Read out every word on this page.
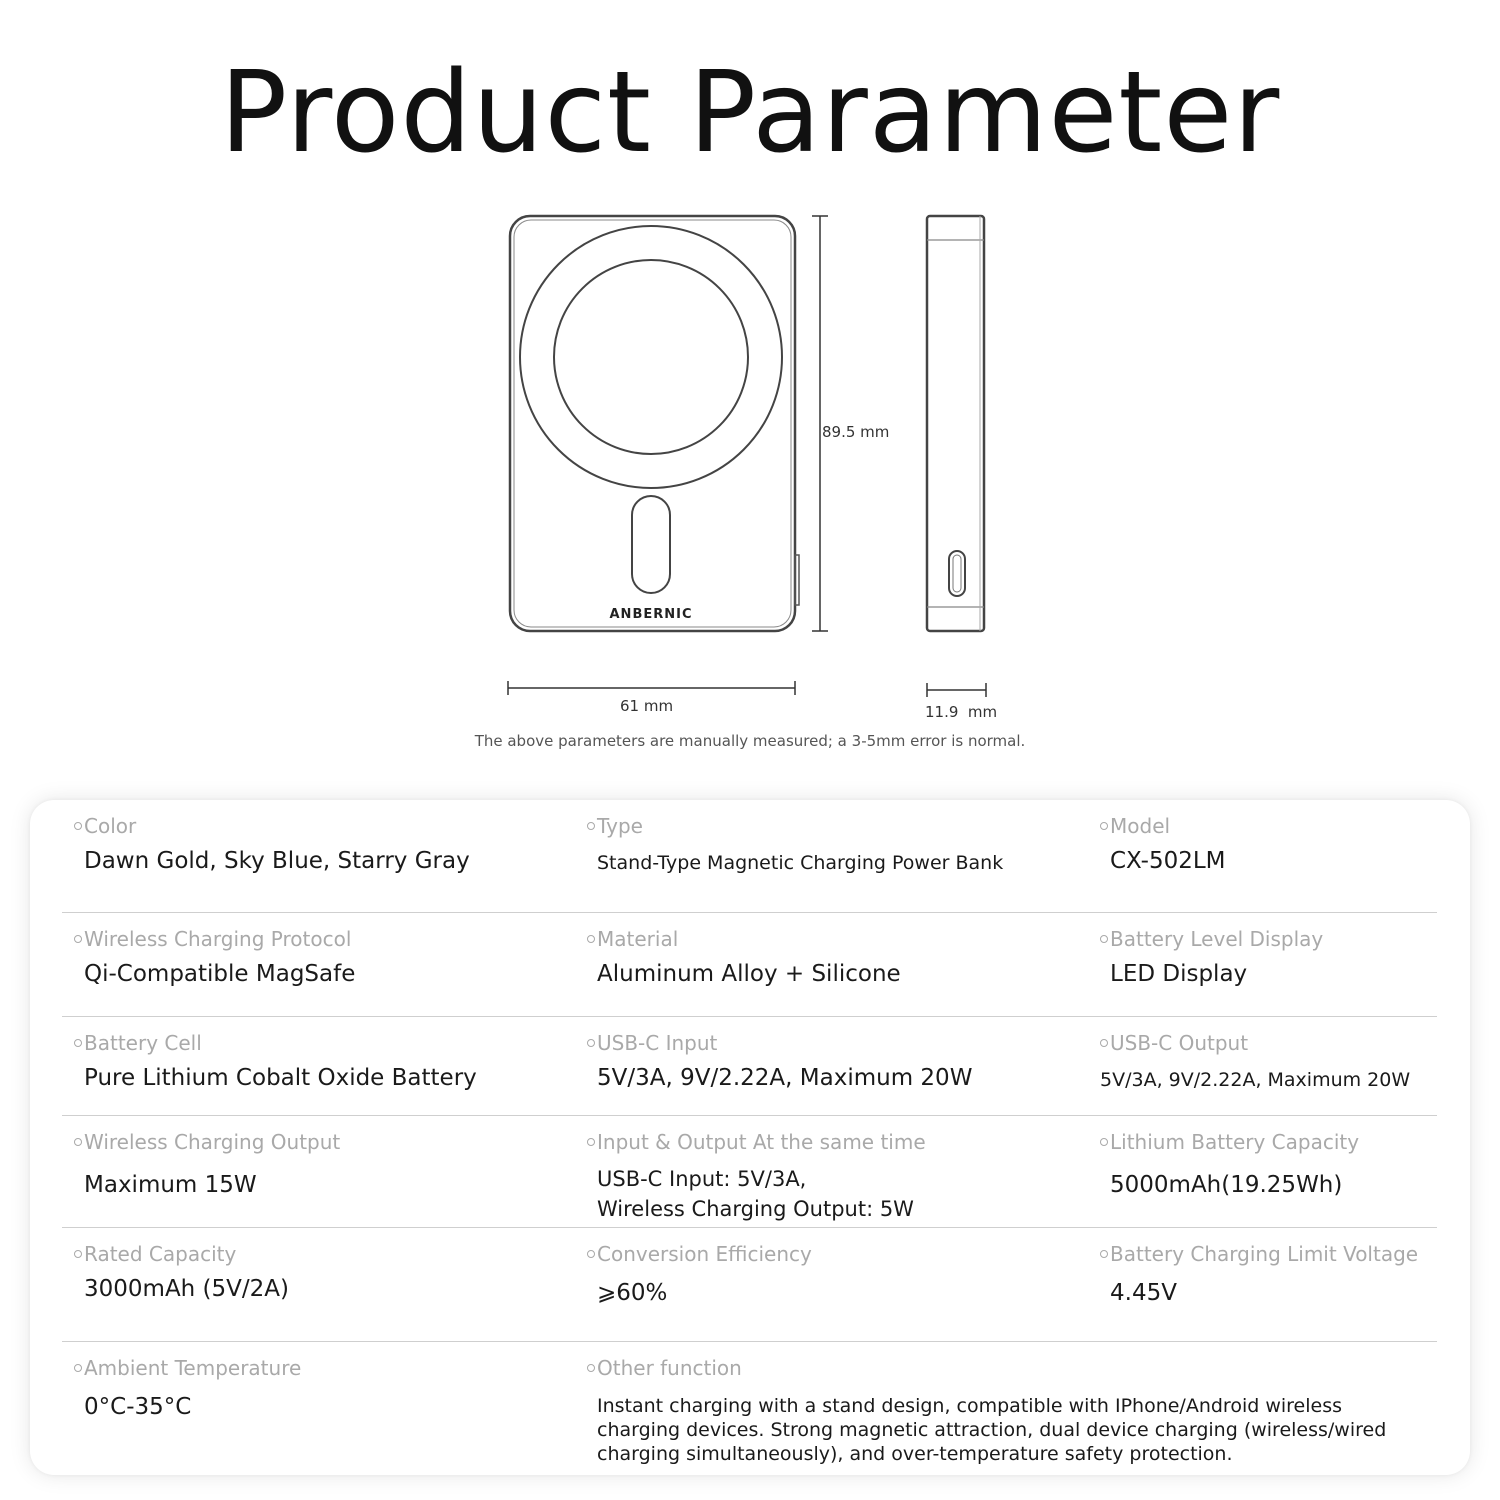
Product Parameter
ANBERNIC
89.5 mm
61 mm	11.9  mm
The above parameters are manually measured; a 3-5mm error is normal.
Color
Dawn Gold, Sky Blue, Starry Gray
Type
Stand-Type Magnetic Charging Power Bank
Model
CX-502LM
Wireless Charging Protocol
Qi-Compatible MagSafe
Material
Aluminum Alloy + Silicone
Battery Level Display
LED Display
Battery Cell
Pure Lithium Cobalt Oxide Battery
USB-C Input
5V/3A, 9V/2.22A, Maximum 20W
USB-C Output
5V/3A, 9V/2.22A, Maximum 20W
Wireless Charging Output
Maximum 15W
Input & Output At the same time
USB-C Input: 5V/3A,
Wireless Charging Output: 5W
Lithium Battery Capacity
5000mAh(19.25Wh)
Rated Capacity
3000mAh (5V/2A)
Conversion Efficiency
⩾60%
Battery Charging Limit Voltage
4.45V
Ambient Temperature
0°C-35°C
Other function
Instant charging with a stand design, compatible with IPhone/Android wireless charging devices. Strong magnetic attraction, dual device charging (wireless/wired charging simultaneously), and over-temperature safety protection.
